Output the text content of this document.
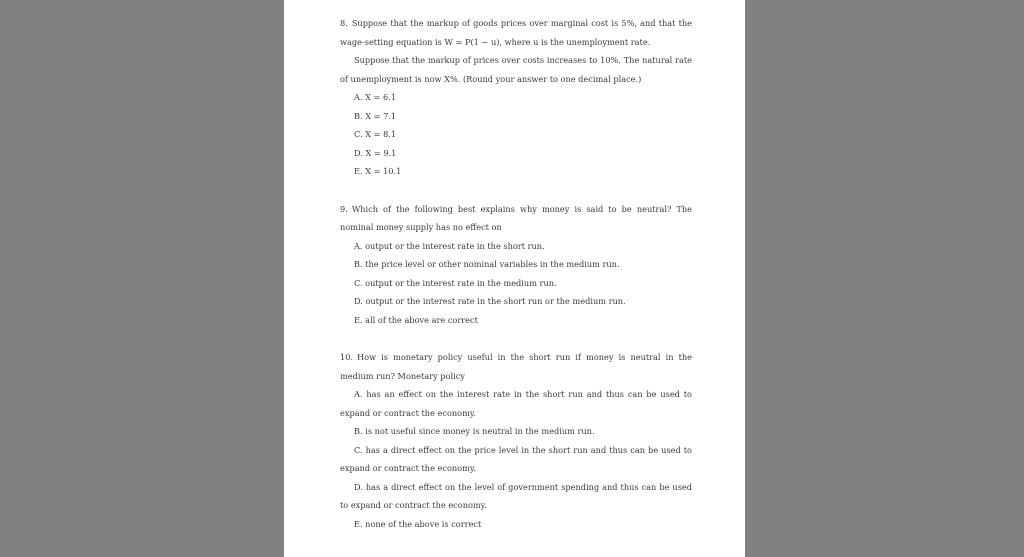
8. Suppose that the markup of goods prices over marginal cost is 5%, and that the wage-setting equation is W = P(1 − u), where u is the unemployment rate.

Suppose that the markup of prices over costs increases to 10%. The natural rate of unemployment is now X%. (Round your answer to one decimal place.)

A. X = 6.1

B. X = 7.1

C. X = 8.1

D. X = 9.1

E. X = 10.1

9. Which of the following best explains why money is said to be neutral? The nominal money supply has no effect on

A. output or the interest rate in the short run.

B. the price level or other nominal variables in the medium run.

C. output or the interest rate in the medium run.

D. output or the interest rate in the short run or the medium run.

E. all of the above are correct

10. How is monetary policy useful in the short run if money is neutral in the medium run? Monetary policy

A. has an effect on the interest rate in the short run and thus can be used to expand or contract the economy.

B. is not useful since money is neutral in the medium run.

C. has a direct effect on the price level in the short run and thus can be used to expand or contract the economy.

D. has a direct effect on the level of government spending and thus can be used to expand or contract the economy.

E. none of the above is correct
